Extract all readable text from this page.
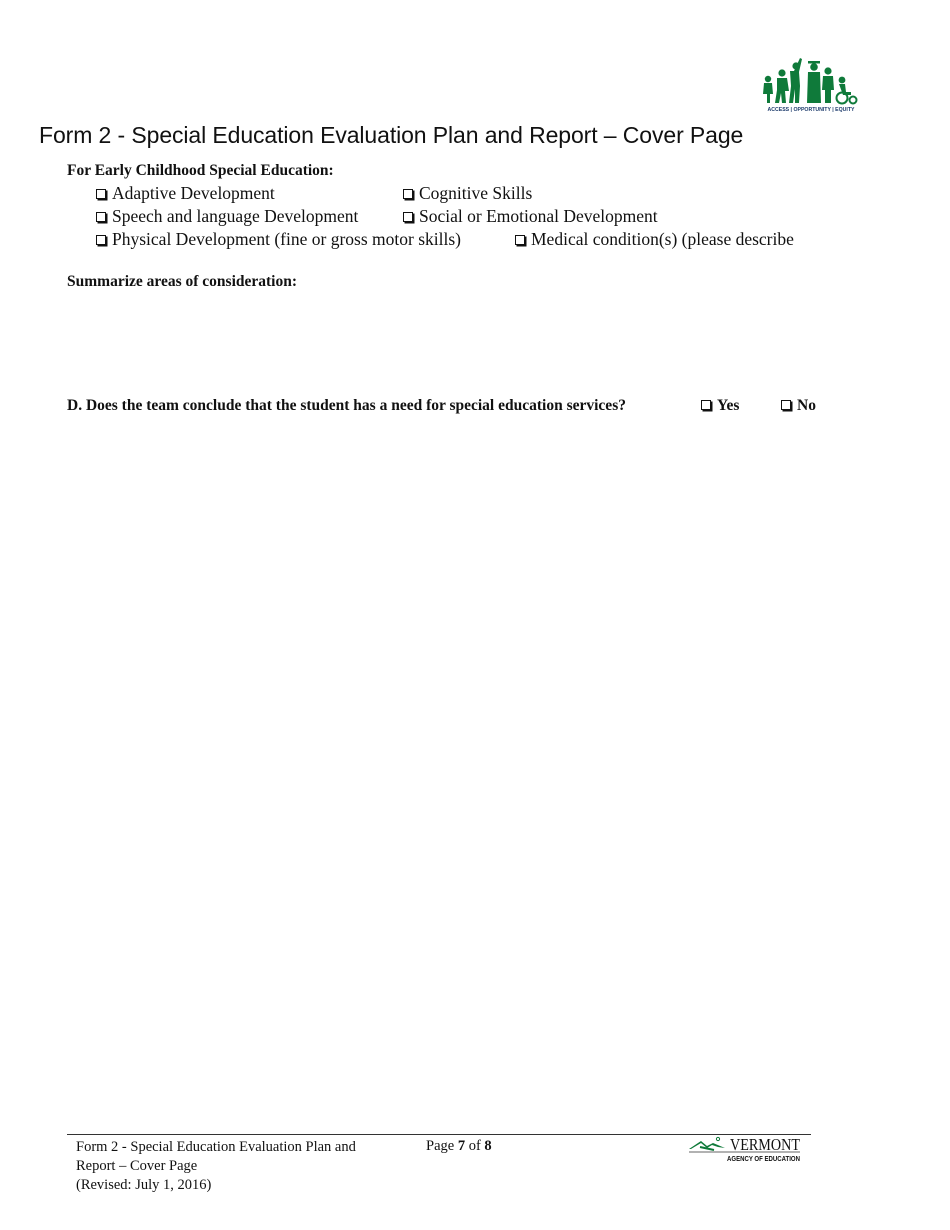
ACCESS | OPPORTUNITY | EQUITY
Form 2 - Special Education Evaluation Plan and Report – Cover Page
For Early Childhood Special Education:
Adaptive Development	Cognitive Skills
Speech and language Development	Social or Emotional Development
Physical Development (fine or gross motor skills)	Medical condition(s) (please describe
Summarize areas of consideration:
D. Does the team conclude that the student has a need for special education services?	Yes	No
Form 2 - Special Education Evaluation Plan and
Report – Cover Page
(Revised: July 1, 2016)
Page 7 of 8	VERMONT
AGENCY OF EDUCATION
